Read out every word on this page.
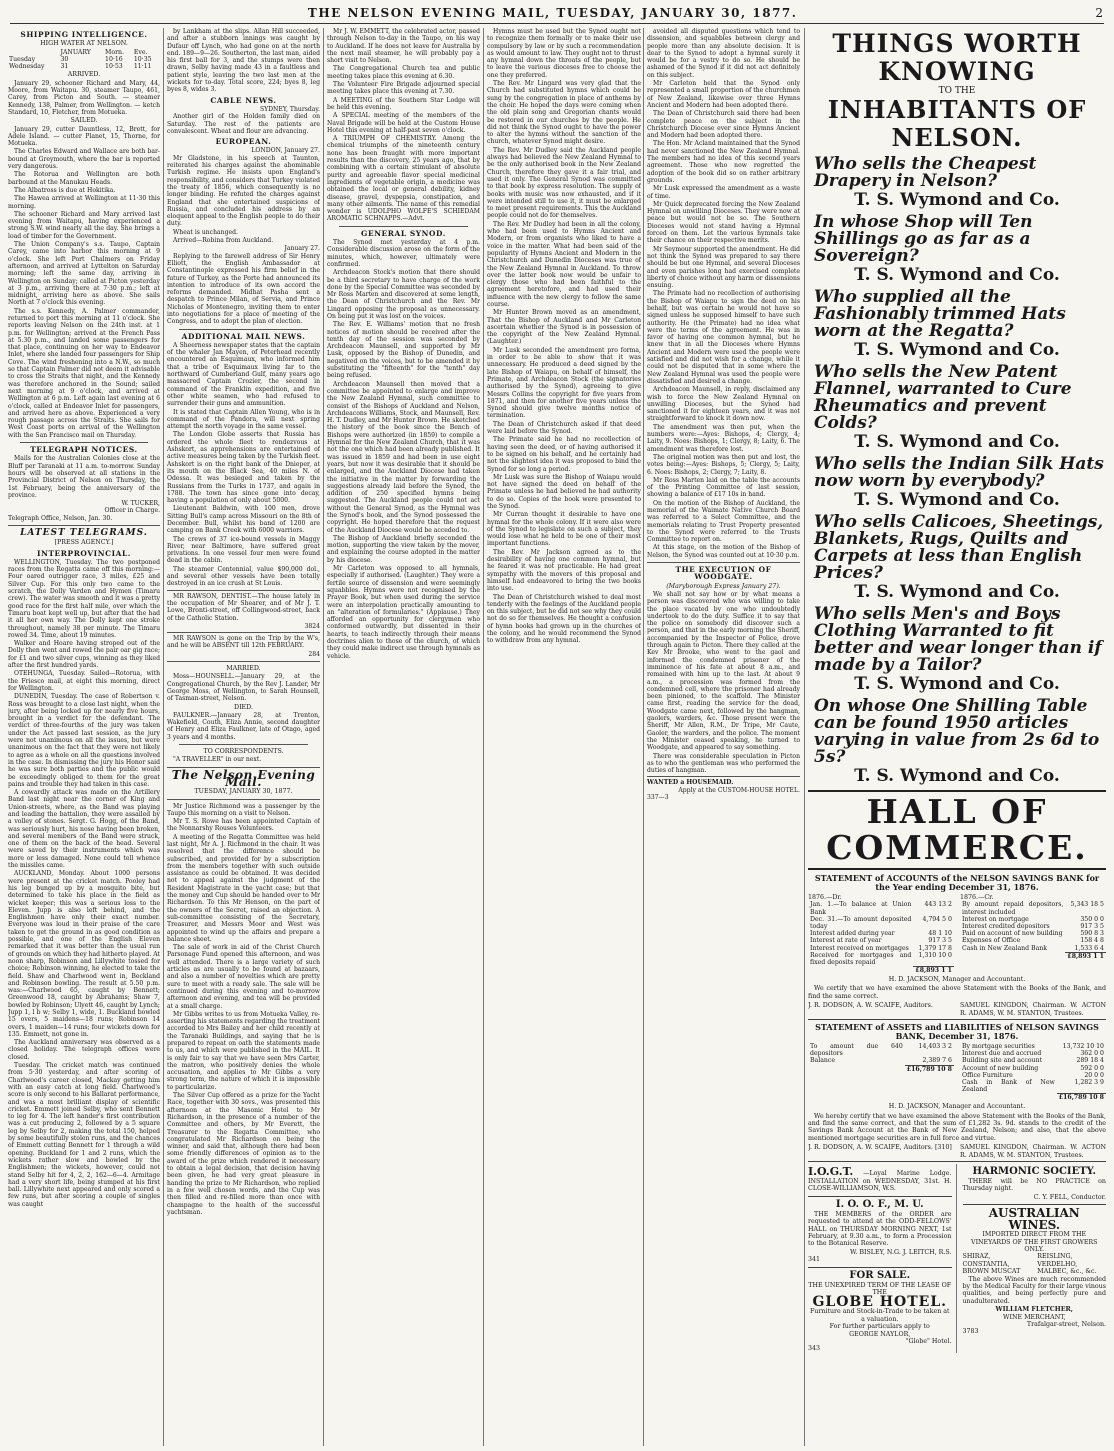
THE NELSON EVENING MAIL, TUESDAY, JANUARY 30, 1877.	2
SHIPPING INTELLIGENCE.
HIGH WATER AT NELSON.
	JANUARY	Morn.	Eve.
Tuesday	30	10·16	10·35
Wednesday	31	10·53	11·11
ARRIVED.

January 29, schooner Richard and Mary, 44, Moore, from Waitapu. 30, steamer Taupo, 461, Carey, from Picton and South. — steamer Kennedy, 138, Palmer, from Wellington. — ketch Standard, 10, Fletcher, from Motueka.

SAILED.

January 29, cutter Dauntless, 12, Brett, for Adele Island. — cutter Planet, 15, Thorne, for Motueka.

The Charles Edward and Wallace are both bar-bound at Greymouth, where the bar is reported very dangerous.

The Rotorua and Wellington are both barbound at the Manukau Heads.

The Albatross is due at Hokitika.

The Hawea arrived at Wellington at 11·30 this morning.

The schooner Richard and Mary arrived last evening from Waitapu, having experienced a strong S.W. wind nearly all the day. She brings a load of timber for the Government.

The Union Company's s.s. Taupo, Captain Carey, came into harbor this morning at 9 o'clock. She left Port Chalmers on Friday afternoon, and arrived at Lyttelton on Saturday morning; left the same day, arriving in Wellington on Sunday; called at Picton yesterday at 3 p.m., arriving there at 7·30 p.m.; left at midnight, arriving here as above. She sails North at 7 o'clock this evening.

The s.s. Kennedy, A. Palmer commander, returned to port this morning at 11 o'clock. She reports leaving Nelson on the 24th inst. at 1 p.m. for Wellington; arrived at the French Pass at 5.30 p.m., and landed some passengers for that place, continuing on her way to Endeavor Inlet, where she landed four passengers for Ship Cove. The wind freshening into a N.W., so much so that Captain Palmer did not deem it advisable to cross the Straits that night, and the Kennedy was therefore anchored in the Sound; sailed next morning at 9 o'clock, and arrived at Wellington at 6 p.m. Left again last evening at 6 o'clock, called at Endeavor Inlet for passengers, and arrived here as above. Experienced a very rough passage across the Straits. She sails for West Coast ports on arrival of the Wellington with the San Francisco mail on Thursday.

TELEGRAPH NOTICES.

Mails for the Australian Colonies close at the Bluff per Taranaki at 11 a.m. to-morrow. Sunday hours will be observed at all stations in the Provincial District of Nelson on Thursday, the 1st February, being the anniversary of the province.

W. TUCKER,
Officer in Charge.
Telegraph Office, Nelson, Jan. 30.
LATEST TELEGRAMS.
[PRESS AGENCY.]
INTERPROVINCIAL.

WELLINGTON, Tuesday. The two postponed races from the Regatta came off this morning:—Four oared outrigger race, 3 miles, £25 and Silver Cup. For this only two came to the scratch, the Dolly Varden and Hymen (Timaru crew). The water was smooth and it was a pretty good race for the first half mile, over which the Timaru boat kept well up, but after that the had it all her own way. The Dolly kept one stroke throughout, namely 38 per minute. The Timaru rowed 34. Time, about 19 minutes.

Walker and Hoare having stroped out of the Dolly then went and rowed the pair oar gig race; for £1 and two silver cups, winning as they liked after the first hundred yards.

OTEHUNGA, Tuesday. Sailed—Rotorua, with the Friesco mail, at eight this morning, direct for Wellington.

DUNEDIN, Tuesday. The case of Robertson v. Ross was brought to a close last night, when the jury, after being locked up for nearly five hours, brought in a verdict for the defendant. The verdict of three-fourths of the jury was taken under the Act passed last session, as the jury were not unanimous on all the issues, but were unanimous on the fact that they were not likely to agree as a whole on all the questions involved in the case. In dismissing the jury his Honor said he was sure both parties and the public would be exceedingly obliged to them for the great pains and trouble they had taken in this case.

A cowardly attack was made on the Artillery Band last night near the corner of King and Union-streets, where, as the Band was playing and leading the battalion, they were assailed by a volley of stones. Sergt. G. Hogg, of the Band, was seriously hurt, his nose having been broken, and several members of the Band were struck, one of them on the back of the head. Several were saved by their instruments which was more or less damaged. None could tell whence the missiles came.

AUCKLAND, Monday. About 1000 persons were present at the cricket match. Pooley had his leg bunged up by a mosquito bite, but determined to take his place in the field as wicket keeper; this was a serious loss to the Eleven. Jupp is also left behind, and the Englishmen have only their exact number. Everyone was loud in their praise of the care taken to get the ground in as good condition as possible, and one of the English Eleven remarked that it was better than the usual run of grounds on which they had hitherto played. At noon sharp, Robinson and Lillywhite tossed for choice; Robinson winning, he elected to take the field. Shaw and Charlwood went in, Beckland and Robinson bowling. The result at 5.50 p.m. was:—Charlwood 65, caught by Bennett; Greenwood 18, caught by Abrahams; Shaw 7, bowled by Robinson; Ulyett 46, caught by Lynch; Jupp 1, l b w; Selby 1, wide, 1. Buckland bowled 15 overs, 5 maidens—18 runs; Robinson 14 overs, 1 maiden—14 runs; four wickets down for 135. Emmett, not gone in.

The Auckland anniversary was observed as a closed holiday. The telegraph offices were closed.

Tuesday. The cricket match was continued from 5·30 yesterday, and after scoring of Charlwood's career closed, Mackay getting him with an easy catch at long field. Charlwood's score is only second to his Ballarat performance, and was a most brilliant display of scientific cricket. Emmett joined Selby, who sent Bennett to leg for 4. The left hander's first contribution was a cut producing 2, followed by a 5 square leg by Selby for 2, making the total 150, helped by some beautifully stolen runs, and the chances of Emmett cutting Bennett for 1 through a wild opening. Buckland for 1 and 2 runs, which the wickets rather slow and bowled by the Englishmen; the wickets, however, could not stand Selby hit for 4, 2, 2, 162—6—4. Armitage had a very short life, being stumped at his first ball. Lillywhite next appeared and only scored a few runs, but after scoring a couple of singles was caught

by Lankham at the slips. Allan Hill succeeded, and after a stubborn innings was caught by Dufaur off Lynch, who had gone on at the north end. 189—9—26. Southerton, the last man, aided his first ball for 3, and the stumps were then drawn, Selby having made 43 in a faultless and patient style, leaving the two last men at the wickets for to-day. Total score, 224; byes 8, leg byes 8, wides 3.

CABLE NEWS.
SYDNEY, Thursday.

Another girl of the Holden family died on Saturday. The rest of the patients are convalescent. Wheat and flour are advancing.

EUROPEAN.
LONDON, January 27.

Mr Gladstone, in his speech at Taunton, reiterated his charges against the abominable Turkish regime. He insists upon England's responsibility, and considers that Turkey violated the treaty of 1856, which consequently is no longer binding. He refuted the charges against England that she entertained suspicions of Russia, and concluded his address by an eloquent appeal to the English people to do their duty.

Wheat is unchanged.

Arrived—Robina from Auckland.

January 27.

Replying to the farewell address of Sir Henry Elliott, the English Ambassador at Constantinople expressed his firm belief in the future of Turkey, as the Porte had announced its intention to introduce of its own accord the reforms demanded. Midhat Pasha sent a despatch to Prince Milan, of Servia, and Prince Nicholas of Montenegro, inviting them to enter into negotiations for a place of meeting of the Congress, and to adopt the plan of election.

ADDITIONAL MAIL NEWS.

A Sheerness newspaper states that the captain of the whaler Jan Mayen, of Peterhead recently encountered an Esquimaux, who informed him that a tribe of Esquimaux living far to the northward of Cumberland Gulf, many years ago massacred Captain Crozier, the second in command of the Franklin expedition, and five other white seamen, who had refused to surrender their guns and ammunition.

It is stated that Captain Allen Young, who is in command of the Pandora, will next spring attempt the north voyage in the same vessel.

The London Globe asserts that Russia has ordered the whole fleet to rendezvous at Ashskort, as apprehensions are entertained of active measures being taken by the Turkish fleet. Ashskort is on the right bank of the Dnieper, at its mouth on the Black Sea, 40 miles N. of Odessa. It was besieged and taken by the Russians from the Turks in 1737, and again in 1788. The town has since gone into decay, having a population of only about 5000.

Lieutenant Baldwin, with 100 men, drove Sitting Bull's camp across Missouri on the 8th of December. Bull, whilst his band of 1200 are camping on Bank Creek with 6000 warriors.

The crews of 37 ice-bound vessels in Maggy River, near Baltimore, have suffered great privations. In one vessel four men were found dead in the cabin.

The steamer Centennial, value $90,000 dol., and several other vessels have been totally destroyed in an ice crush at St Louis.

MR RAWSON, DENTIST.—The house lately in the occupation of Mr Shearer, and of Mr J. T. Lowe, Bronti-street, off Collingwood-street, back of the Catholic Station.

3824

MR RAWSON is gone on the Trip by the W's, and he will be ABSENT till 12th FEBRUARY.

284
MARRIED.

Moss—HOUNSELL.—January 29, at the Congregational Church, by the Rev J. Lander, Mr George Moss, of Wellington, to Sarah Hounsell, of Tasman-street, Nelson.

DIED.

FAULKNER.—January 28, at Trenton, Wakefield, Couth, Eliza Annie, second daughter of Henry and Eliza Faulkner, late of Otago, aged 3 years and 4 months.

TO CORRESPONDENTS.

"A TRAVELLER" in our next.

The Nelson Evening Mail.
TUESDAY, JANUARY 30, 1877.

Mr Justice Richmond was a passenger by the Taupo this morning on a visit to Nelson.

Mr T. S. Rowe has been appointed Captain of the Nonnarshy Rouses Volunteers.

A meeting of the Regatta Committee was held last night, Mr A. J. Richmond in the chair. It was resolved that the difference should be subscribed, and provided for by a subscription from the members together with such outside assistance as could be obtained. It was decided not to appeal against the judgment of the Resident Magistrate in the yacht case; but that the money and Cup should be handed over to Mr Richardson. To this Mr Henson, on the part of the owners of the Secret, raised an objection. A sub-committee consisting of the Secretary, Treasurer, and Messrs Moor and West was appointed to wind up the affairs and prepare a balance sheet.

The sale of work in aid of the Christ Church Parsonage Fund opened this afternoon, and was well attended. There is a large variety of such articles as are usually to be found at bazaars, and also a number of novelties which are pretty sure to meet with a ready sale. The sale will be continued during this evening and to-morrow afternoon and evening, and tea will be provided at a small charge.

Mr Gibbs writes to us from Motueka Valley, re-asserting his statements regarding the treatment accorded to Mrs Bailey and her child recently at the Taranaki Buildings, and saying that he is prepared to repeat on oath the statements made to us, and which were published in the MAIL. It is only fair to say that we have seen Mrs Carter, the matron, who positively denies the whole accusation, and applies to Mr Gibbs a very strong term, the nature of which it is impossible to particularize.

The Silver Cup offered as a prize for the Yacht Race, together with 30 sovs., was presented this afternoon at the Masonic Hotel to Mr Richardson, in the presence of a number of the Committee and others, by Mr Everett, the Treasurer to the Regatta Committee, who congratulated Mr Richardson on being the winner, and said that, although there had been some friendly differences of opinion as to the award of the prize which rendered it necessary to obtain a legal decision, that decision having been given, he had very great pleasure in handing the prize to Mr Richardson, who replied in a few well chosen words, and the Cup was then filled and re-filled more than once with champagne to the health of the successful yachtsman.

Mr J. W. EMMETT, the celebrated actor, passed through Nelson to-day in the Taupo, on his way to Auckland. If he does not leave for Australia by the next mail steamer, he will probably pay a short visit to Nelson.

The Congregational Church tea and public meeting takes place this evening at 6.30.

The Volunteer Fire Brigade adjourned special meeting takes place this evening at 7.30.

A MEETING of the Southern Star Lodge will be held this evening.

A SPECIAL meeting of the members of the Naval Brigade will be held at the Custom House Hotel this evening at half-past seven o'clock.

A TRIUMPH OF CHEMISTRY. Among the chemical triumphs of the nineteenth century none has been fraught with more important results than the discovery, 25 years ago, that by combining with a certain stimulant of absolute purity and agreeable flavor special medicinal ingredients of vegetable origin, a medicine was obtained the local or general debility, kidney disease, gravel, dyspepsia, constipation, and many other ailments. The name of this remedial wonder is UDOLPHO WOLFE'S SCHIEDAM AROMATIC SCHNAPPS.—Advt.

GENERAL SYNOD.

The Synod met yesterday at 4 p.m. Considerable discussion arose on the form of the minutes, which, however, ultimately were confirmed.

Archdeacon Stock's motion that there should be a third secretary to have charge of the work done by the Special Committee was seconded by Mr Ross Marten and discovered at some length, the Dean of Christchurch and the Rev. Mr Lingard opposing the proposal as unnecessary. On being put it was lost on the voices.

The Rev. E. Williams' motion that no fresh notices of motion should be received after the tenth day of the session was seconded by Archdeacon Maunsell, and supported by Mr Lusk, opposed by the Bishop of Dunedin, and negatived on the voices, but to be amended it by substituting the "fifteenth" for the "tenth" day being refused.

Archdeacon Maunsell then moved that a committee be appointed to enlarge and improve the New Zealand Hymnal, such committee to consist of the Bishops of Auckland and Nelson, Archdeacons Williams, Stock, and Maunsell, Rev. H. T. Dudley, and Mr Hunter Brown. He sketched the history of the book since the Bench of Bishops were authorized (in 1859) to compile a Hymnal for the New Zealand Church, that it was not the one which had been already published. It was issued in 1859 and had been in use eight years, but now it was desirable that it should be enlarged, and the Auckland Diocese had taken the initiative in the matter by forwarding the suggestions already laid before the Synod, the addition of 250 specified hymns being suggested. The Auckland people could not act without the General Synod, as the Hymnal was the Synod's book, and the Synod possessed the copyright. He hoped therefore that the request of the Auckland Diocese would be acceded to.

The Bishop of Auckland briefly seconded the motion, supporting the view taken by the mover, and explaining the course adopted in the matter by his diocese.

Mr Carleton was opposed to all hymnals, especially if authorised. (Laughter.) They were a fertile source of dissension and were seemingly squabbles. Hymns were not recognised by the Prayer Book, but when used during the service were an interpolation practically amounting to an "alteration of formularies." (Applause.) They afforded an opportunity for clergymen who conformed outwardly, but dissented in their hearts, to teach indirectly through their means doctrines alien to those of the church, of which they could make indirect use through hymnals as vehicle.

Hymns must be used but the Synod ought not to recognize them formally or to make their use compulsory by law or by such a recommendation as would amount to law. They ought not to thrust any hymnal down the throats of the people, but to leave the various dioceses free to choose the one they preferred.

The Rev. Mr Lingard was very glad that the Church had substituted hymns which could be sung by the congregation in place of anthems by the choir. He hoped the days were coming when the old plain song and Gregorian chants would be restored in our churches by the people. He did not think the Synod ought to have the power to alter the hymns without the sanction of the church, whatever Synod might desire.

The Rev. Mr Dudley said the Auckland people always had believed the New Zealand Hymnal to be the only authorised book in the New Zealand Church, therefore they gave it a fair trial, and used it only. The General Synod was committed to that book by express resolution. The supply of books with music was now exhausted, and if it were intended still to use it, it must be enlarged to meet present requirements. This the Auckland people could not do for themselves.

The Rev. Mr Dudley had been in all the colony, who had been used to Hymns Ancient and Modern, or from organists who liked to have a voice in the matter. What had been said of the popularity of Hymns Ancient and Modern in the Christchurch and Dunedin Dioceses was true of the New Zealand Hymnal in Auckland. To throw over the latter book now would be unfair to clergy those who had been faithful to the agreement heretofore, and had used their influence with the new clergy to follow the same course.

Mr Hunter Brown moved as an amendment, That the Bishop of Auckland and Mr Carleton ascertain whether the Synod is in possession of the copyright of the New Zealand Hymnal. (Laughter.)

Mr Lusk seconded the amendment pro forma, in order to be able to show that it was unnecessary. He produced a deed signed by the late Bishop of Waiapu, on behalf of himself, the Primate, and Archdeacon Stock (the signatories authorised by the Synod), agreeing to give Messrs Collins the copyright for five years from 1871, and then for another five years unless the Synod should give twelve months notice of termination.

The Dean of Christchurch asked if that deed were laid before the Synod.

The Primate said he had no recollection of having seen the deed, or of having authorised it to be signed on his behalf, and he certainly had not the slightest idea it was proposed to bind the Synod for so long a period.

Mr Lusk was sure the Bishop of Waiapu would not have signed the deed on behalf of the Primate unless he had believed he had authority to do so. Copies of the book were presented to the Synod.

Mr Curran thought it desirable to have one hymnal for the whole colony. If it were also were of the Synod to legislate on such a subject, they would lose what he held to be one of their most important functions.

The Rev. Mr Jackson agreed as to the desirability of having one common hymnal, but he feared it was not practicable. He had great sympathy with the movers of this proposal and himself had endeavored to bring the two books into use.

The Dean of Christchurch wished to deal most tenderly with the feelings of the Auckland people on this subject, but he did not see why they could not do so for themselves. He thought a confusion of hymn books had grown up in the churches of the colony, and he would recommend the Synod to withdraw from any hymnal.

avoided all disputed questions which tend to dissension, and squabbles between clergy and people more than any absolute decision. It is dear to the Synod to adopt a hymnal surely it would be for a vestry to do so. He should be ashamed of the Synod if it did not act definitely on this subject.

Mr Carleton held that the Synod only represented a small proportion of the churchmen of New Zealand, likewise over three Hymns Ancient and Modern had been adopted there.

The Dean of Christchurch said there had been complete peace on the subject in the Christchurch Diocese ever since Hymns Ancient and Modern had been adopted there.

The Hon. Mr Acland maintained that the Synod had never sanctioned the New Zealand Hymnal. The members had no idea of this second years agreement. Those who now regretted the adoption of the book did so on rather arbitrary grounds.

Mr Lusk expressed the amendment as a waste of time.

Mr Quick deprecated forcing the New Zealand Hymnal on unwilling Dioceses. They were now at peace but would not be so. The Southern Dioceses would not stand having a Hymnal forced on them. Let the various hymnals take their chance on their respective merits.

Mr Seymour supported the amendment. He did not think the Synod was prepared to say there should be but one Hymnal, and several Dioceses and even parishes long had exercised complete liberty of choice without any harm or dissensions ensuing.

The Primate had no recollection of authorising the Bishop of Waiapu to sign the deed on his behalf, but was certain he would not have so signed unless he supposed himself to have such authority. He (the Primate) had no idea what were the terms of the agreement. He was in favor of having one common hymnal, but he knew that in all the Dioceses where Hymns Ancient and Modern were used the people were satisfied and did not wish for a change, while it could not be disputed that in some where the New Zealand Hymnal was used the people were dissatisfied and desired a change.

Archdeacon Maunsell, in reply, disclaimed any wish to force the New Zealand Hymnal on unwilling Dioceses, but the Synod had sanctioned it for eighteen years, and it was not straightforward to knock it down now.

The amendment was then put, when the numbers were:—Ayes: Bishops, 4; Clergy, 4; Laity, 9. Noes: Bishops, 1; Clergy, 8; Laity, 6. The amendment was therefore lost.

The original motion was then put and lost, the votes being:—Ayes: Bishops, 5; Clergy, 5; Laity, 6. Noes: Bishops, 2; Clergy, 7; Laity, 8.

Mr Ross Marten laid on the table the accounts of the Printing Committee of last session, showing a balance of £17 10s in hand.

On the motion of the Bishop of Auckland, the memorial of the Waimate Native Church Board was referred to a Select Committee, and the memorials relating to Trust Property presented to the Synod were referred to the Trusts Committee to report on.

At this stage, on the motion of the Bishop of Nelson, the Synod was counted out at 10·30 p.m.

THE EXECUTION OF WOODGATE.
(Maryborough Express January 27).

We shall not say how or by what means a person was discovered who was willing to take the place vacated by one who undoubtedly undertook to do the duty. Suffice it to say that the police on somebody did discover such a person, and that in the early morning the Sheriff, accompanied by the Inspector of Police, drove through again to Picton. There they called at the Kev Mr Brooke, who went to the gaol and informed the condemned prisoner of the imminence of his fate at about 8 a.m., and remained with him up to the last. At about 9 a.m., a procession was formed from the condemned cell, where the prisoner had already been pinioned, to the scaffold. The Minister came first, reading the service for the dead, Woodgate came next, followed by the hangman, gaolers, warders, &c. Those present were the Sheriff, Mr Allen, R.M., Dr Tripe, Mr Caute, Gaoler, the warders, and the police. The moment the Minister ceased speaking, he turned to Woodgate, and appeared to say something.

There was considerable speculation in Picton as to who the gentleman was who performed the duties of hangman.

WANTED a HOUSEMAID.
Apply at the CUSTOM-HOUSE HOTEL.
337—3
THINGS WORTH KNOWING
TO THE
INHABITANTS OF NELSON.
Who sells the Cheapest Drapery in Nelson?
T. S. Wymond and Co.
In whose Shop will Ten Shillings go as far as a Sovereign?
T. S. Wymond and Co.
Who supplied all the Fashionably trimmed Hats worn at the Regatta?
T. S. Wymond and Co.
Who sells the New Patent Flannel, warranted to Cure Rheumatics and prevent Colds?
T. S. Wymond and Co.
Who sells the Indian Silk Hats now worn by everybody?
T. S. Wymond and Co.
Who sells Calicoes, Sheetings, Blankets, Rugs, Quilts and Carpets at less than English Prices?
T. S. Wymond and Co.
Who sells Men's and Boys Clothing Warranted to fit better and wear longer than if made by a Tailor?
T. S. Wymond and Co.
On whose One Shilling Table can be found 1950 articles varying in value from 2s 6d to 5s?
T. S. Wymond and Co.
HALL OF COMMERCE.
STATEMENT of ACCOUNTS of the NELSON SAVINGS BANK for the Year ending December 31, 1876.
1876.—Dr.
Jan. 1.—To balance at Union Bank	443 13 2
Dec. 31.—To amount deposited today	4,794 5 0
Interest added during year	48 1 10
Interest at rate of year	917 3 5
Interest received on mortgages	1,379 17 8
Received for mortgages and fixed deposits repaid	1,310 10 0
	£8,893 1 1
1876.—Cr.
By amount repaid depositors, interest included	5,343 18 5
Interest on mortgage	350 0 0
Interest credited depositors	917 3 5
Paid on account of new building	590 8 3
Expenses of Office	158 4 8
Cash in New Zealand Bank	1,533 6 4
	£8,893 1 1
H. D. JACKSON, Manager and Accountant.

We certify that we have examined the above Statement with the Books of the Bank, and find the same correct.

J. R. DODSON, A. W. SCAIFE, Auditors.	SAMUEL KINGDON, Chairman. W. ACTON R. ADAMS, W. M. STANTON, Trustees.
STATEMENT of ASSETS and LIABILITIES of NELSON SAVINGS BANK, December 31, 1876.
To amount due 640 depositors	14,403 3 2
Balance	2,389 7 6
	£16,789 10 8
By mortgage securities	13,732 10 10
Interest due and accrued	362 0 0
Building site and account	289 18 4
Account of new building	592 0 0
Office Furniture	20 0 0
Cash in Bank of New Zealand	1,282 3 9
	£16,789 10 8
H. D. JACKSON, Manager and Accountant.

We hereby certify that we have examined the above Statement with the Books of the Bank, and find the same correct, and that the sum of £1,282 3s. 9d. stands to the credit of the Savings Bank Account at the Bank of New Zealand, Nelson; and also, that the above mentioned mortgage securities are in full force and virtue.

J. R. DODSON, A. W. SCAIFE, Auditors. [310]	SAMUEL KINGDON, Chairman. W. ACTON R. ADAMS, W. M. STANTON, Trustees.
I.O.G.T. —Loyal Marine Lodge. INSTALLATION on WEDNESDAY, 31st. H. CLOSE-WILLIAMSON, W.S.
I. O. O. F., M. U.

THE MEMBERS of the ORDER are requested to attend at the ODD-FELLOWS' HALL on THURSDAY MORNING NEXT, 1st February, at 9.30 a.m., to form a Procession to the Botanical Reserve.

W. BISLEY, N.G. J. LEITCH, R.S.
341
FOR SALE.
THE UNEXPIRED TERM OF THE LEASE OF THE
GLOBE HOTEL.
Furniture and Stock-in-Trade to be taken at a valuation.
For further particulars apply to
GEORGE NAYLOR,
"Globe" Hotel.
343
HARMONIC SOCIETY.

THERE will be NO PRACTICE on Thursday night.

C. Y. FELL, Conductor.
AUSTRALIAN WINES.
IMPORTED DIRECT FROM THE VINEYARDS OF THE FIRST GROWERS ONLY.
SHIRAZ, CONSTANTIA, BROWN MUSCAT
REISLING, VERDELHO, MALBEC, &c., &c.

The above Wines are much recommended by the Medical Faculty for their large vinous qualities, and being perfectly pure and unadulterated.

WILLIAM FLETCHER,
WINE MERCHANT,
Trafalgar-street, Nelson.
3783
